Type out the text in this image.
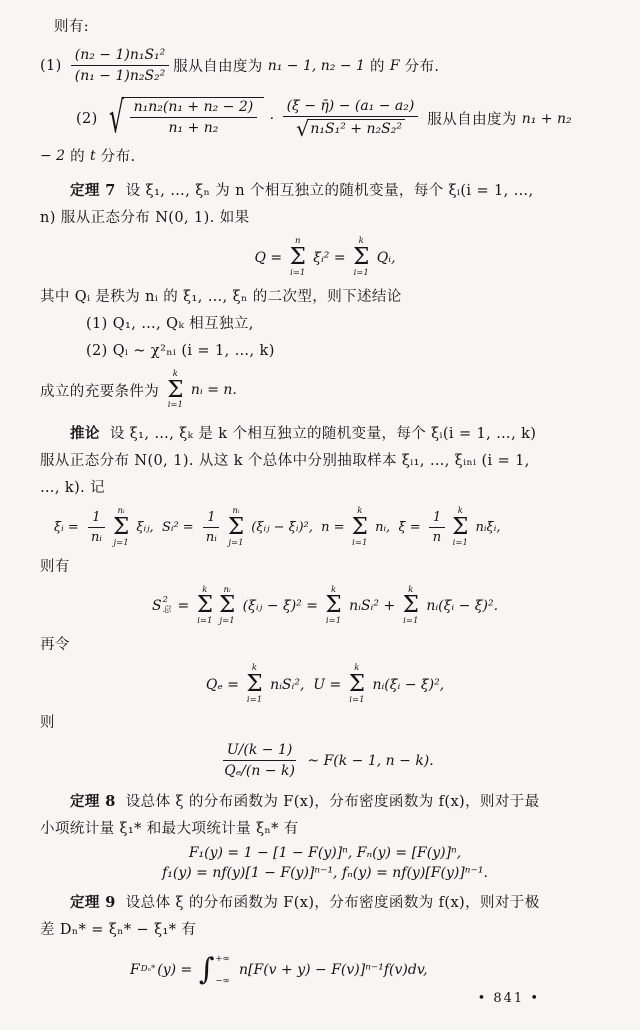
则有:
$(1) \frac{\text{(n₂ − 1)n₁S₁²}}{\text{(n₁ − 1)n₂S₂²}}$ 服从自由度为 n₁ − 1, n₂ − 1 的 F 分布.
(2) √ $\frac{\text{n₁n₂(n₁ + n₂ − 2)}}{\text{n₁ + n₂}} \cdot \frac{\text{(ξ̄ − η̄) − (a₁ − a₂)}}{\text{√ n₁S₁² + n₂S₂²}}$ 服从自由度为 n₁ + n₂
− 2 的 t 分布.
定理 7  设 ξ₁, …, ξₙ 为 n 个相互独立的随机变量，每个 ξᵢ(i = 1, …,
n) 服从正态分布 N(0, 1). 如果
Q =
n
Σ
i=1
ξᵢ² =
k
Σ
i=1
Qᵢ,
其中 Qᵢ 是秩为 nᵢ 的 ξ₁, …, ξₙ 的二次型，则下述结论
(1) Q₁, …, Qₖ 相互独立,
(2) Qᵢ ~ χ²ₙᵢ (i = 1, …, k)
成立的充要条件为
k
Σ
i=1
nᵢ = n.
推论  设 ξ₁, …, ξₖ 是 k 个相互独立的随机变量，每个 ξᵢ(i = 1, …, k)
服从正态分布 N(0, 1). 从这 k 个总体中分别抽取样本 ξᵢ₁, …, ξᵢₙᵢ (i = 1,
…, k). 记
ξ̄ᵢ = $\frac{1}{\text{nᵢ}}$ nᵢ
Σ
j=1
ξᵢⱼ,  Sᵢ² = $\frac{1}{\text{nᵢ}}$ nᵢ
Σ
j=1
(ξᵢⱼ − ξ̄ᵢ)²,  n =
k
Σ
i=1
nᵢ,  ξ̄ = $\frac{1}{n}$ k
Σ
i=1
nᵢξ̄ᵢ,
则有
S 2
总 =
k
Σ
i=1
nᵢ
Σ
j=1
(ξᵢⱼ − ξ̄)² =
k
Σ
i=1
nᵢSᵢ² +
k
Σ
i=1
nᵢ(ξ̄ᵢ − ξ̄)².
再令
Qₑ =
k
Σ
i=1
nᵢSᵢ²,  U =
k
Σ
i=1
nᵢ(ξ̄ᵢ − ξ̄)²,
则
$\frac{U/(k - 1)}{\text{Qₑ/(n − k)}}$ ~ F(k − 1, n − k).
定理 8  设总体 ξ 的分布函数为 F(x)，分布密度函数为 f(x)，则对于最
小项统计量 ξ₁* 和最大项统计量 ξₙ* 有
F₁(y) = 1 − [1 − F(y)]ⁿ, Fₙ(y) = [F(y)]ⁿ,
f₁(y) = nf(y)[1 − F(y)]ⁿ⁻¹, fₙ(y) = nf(y)[F(y)]ⁿ⁻¹.
定理 9  设总体 ξ 的分布函数为 F(x)，分布密度函数为 f(x)，则对于极
差 Dₙ* = ξₙ* − ξ₁* 有
F Dₙ* (y) = ∫ +∞
−∞
n[F(v + y) − F(v)]ⁿ⁻¹f(v)dv,
• 841 •
